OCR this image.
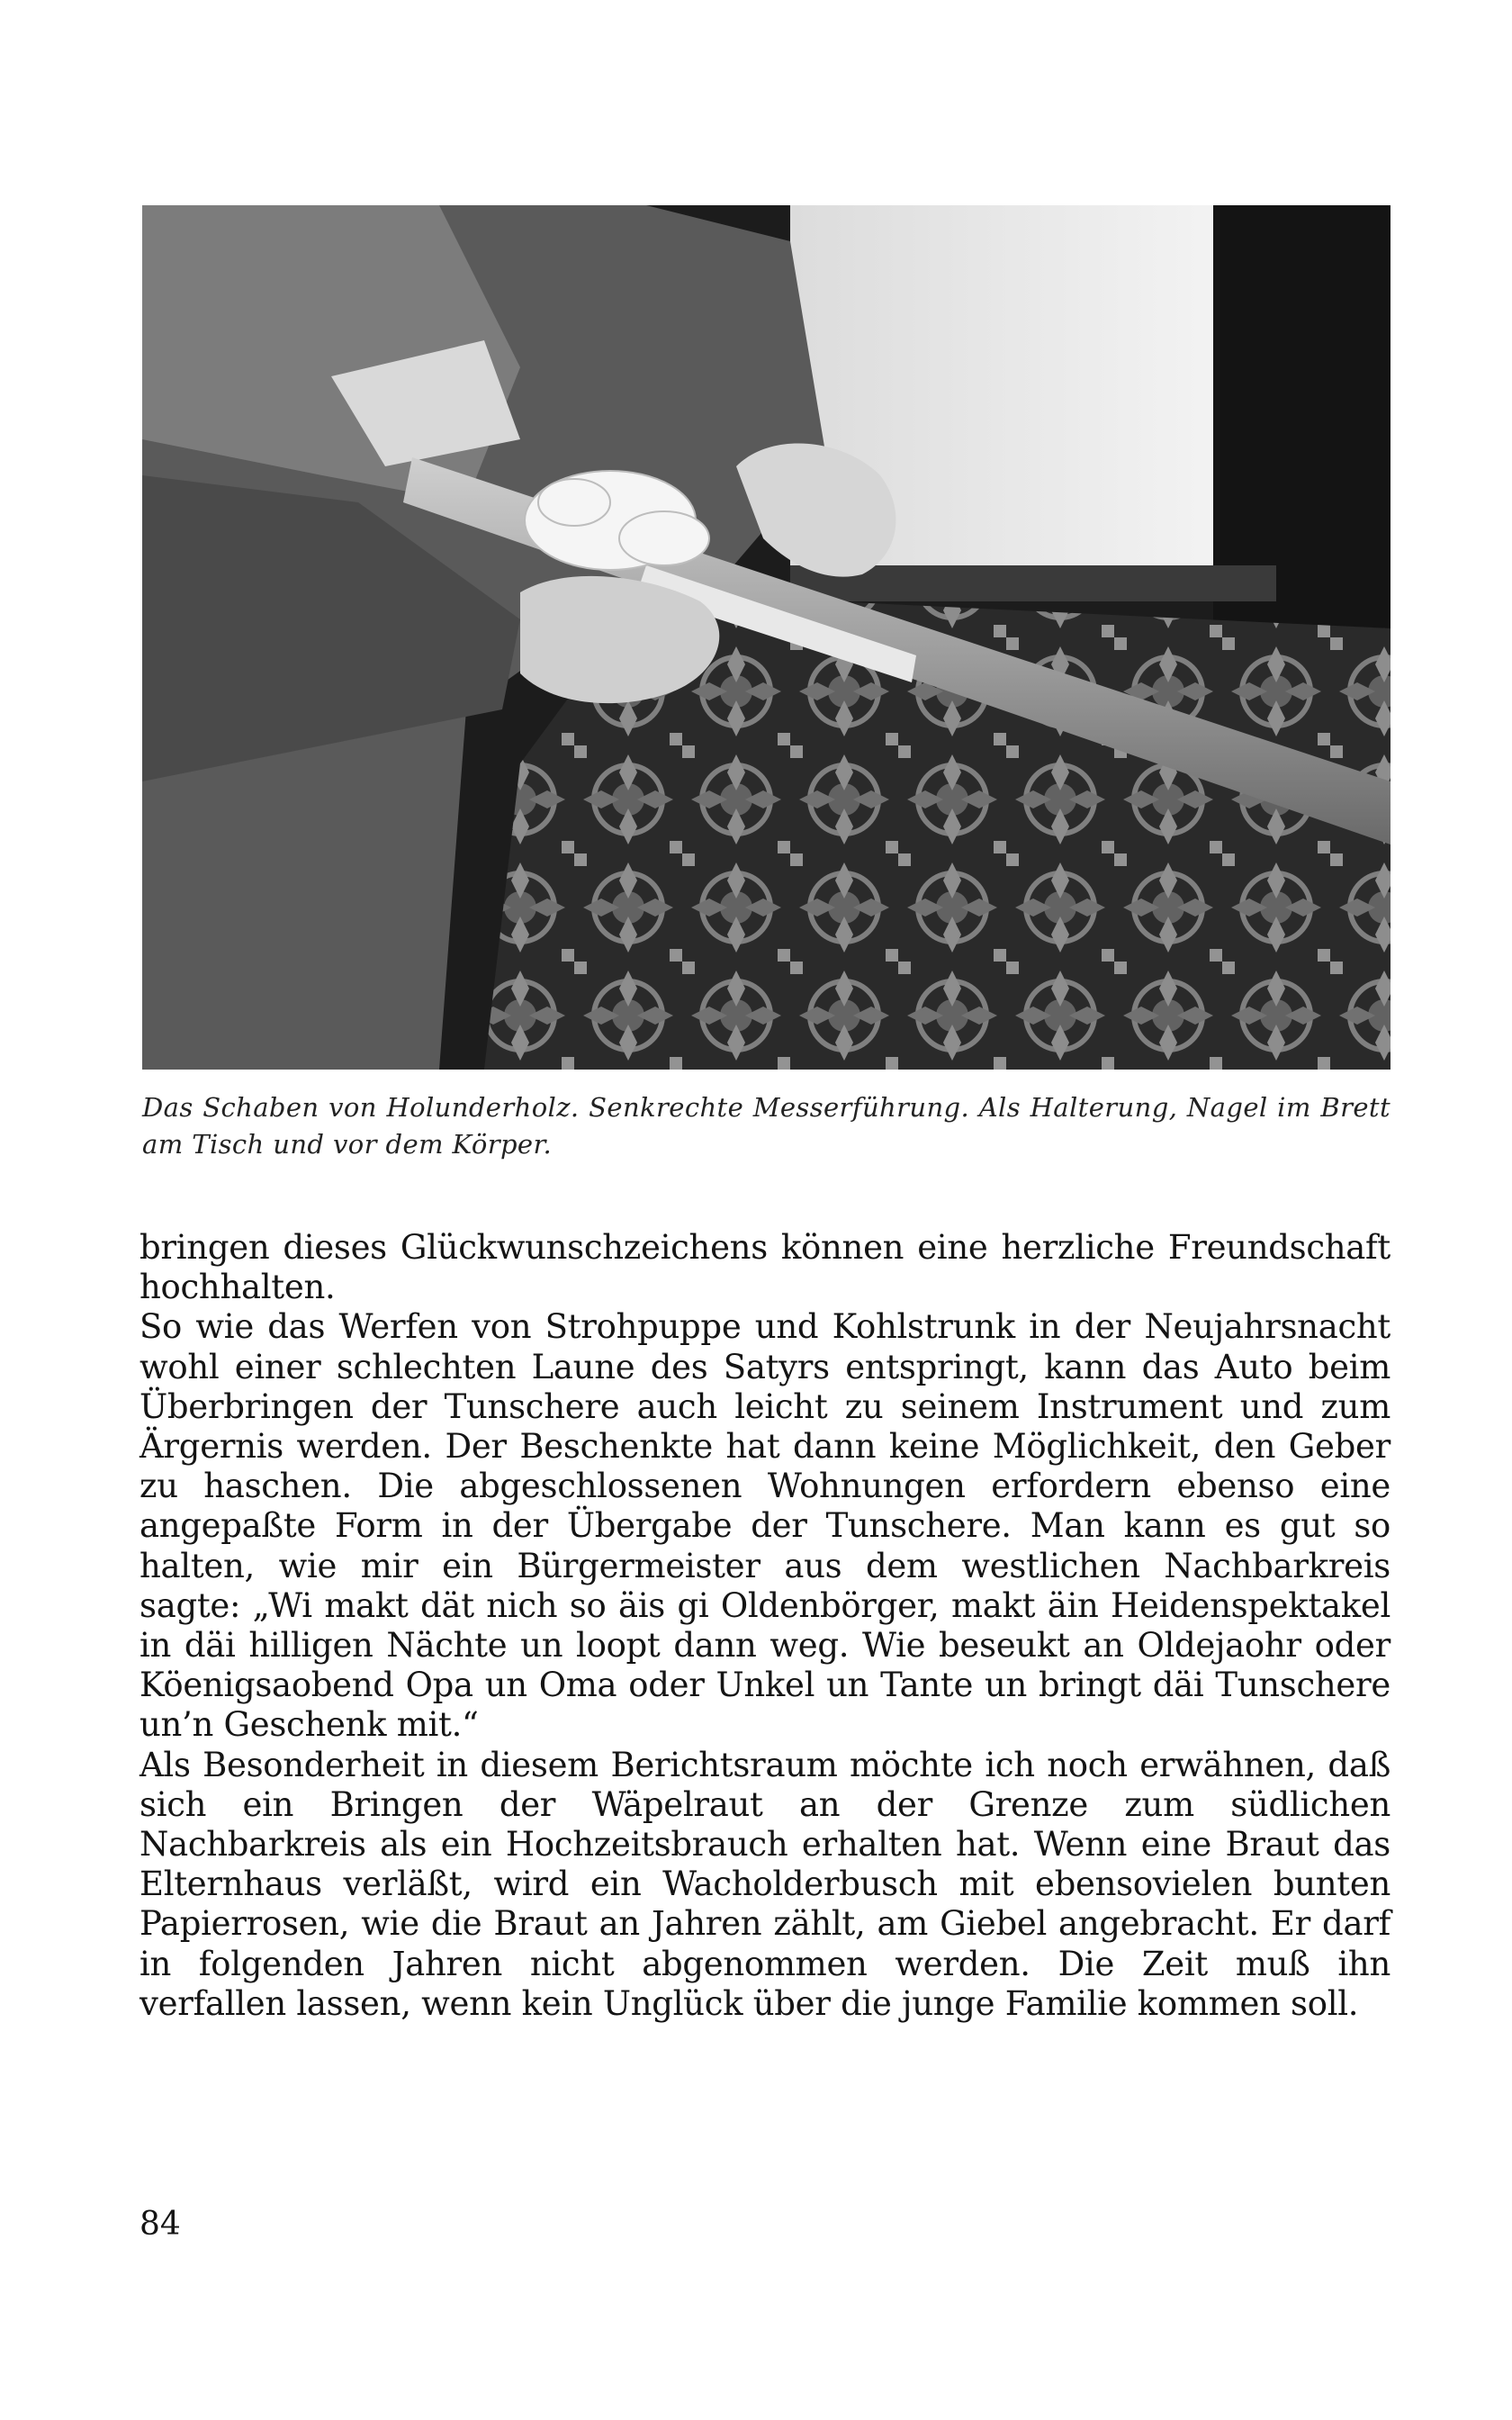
Das Schaben von Holunderholz. Senkrechte Messerführung. Als Halterung, Nagel im Brett am Tisch und vor dem Körper.

bringen dieses Glückwunschzeichens können eine herzliche Freundschaft hochhalten.

So wie das Werfen von Strohpuppe und Kohlstrunk in der Neujahrsnacht wohl einer schlechten Laune des Satyrs entspringt, kann das Auto beim Überbringen der Tunschere auch leicht zu seinem Instrument und zum Ärgernis werden. Der Beschenkte hat dann keine Möglichkeit, den Geber zu haschen. Die abgeschlossenen Wohnungen erfordern ebenso eine angepaßte Form in der Übergabe der Tunschere. Man kann es gut so halten, wie mir ein Bürgermeister aus dem westlichen Nachbarkreis sagte: „Wi makt dät nich so äis gi Oldenbörger, makt äin Heidenspektakel in däi hilligen Nächte un loopt dann weg. Wie beseukt an Oldejaohr oder Köenigsaobend Opa un Oma oder Unkel un Tante un bringt däi Tunschere un’n Geschenk mit.“

Als Besonderheit in diesem Berichtsraum möchte ich noch erwähnen, daß sich ein Bringen der Wäpelraut an der Grenze zum südlichen Nachbarkreis als ein Hochzeitsbrauch erhalten hat. Wenn eine Braut das Elternhaus verläßt, wird ein Wacholderbusch mit ebensovielen bunten Papierrosen, wie die Braut an Jahren zählt, am Giebel angebracht. Er darf in folgenden Jahren nicht abgenommen werden. Die Zeit muß ihn verfallen lassen, wenn kein Unglück über die junge Familie kommen soll.

84
